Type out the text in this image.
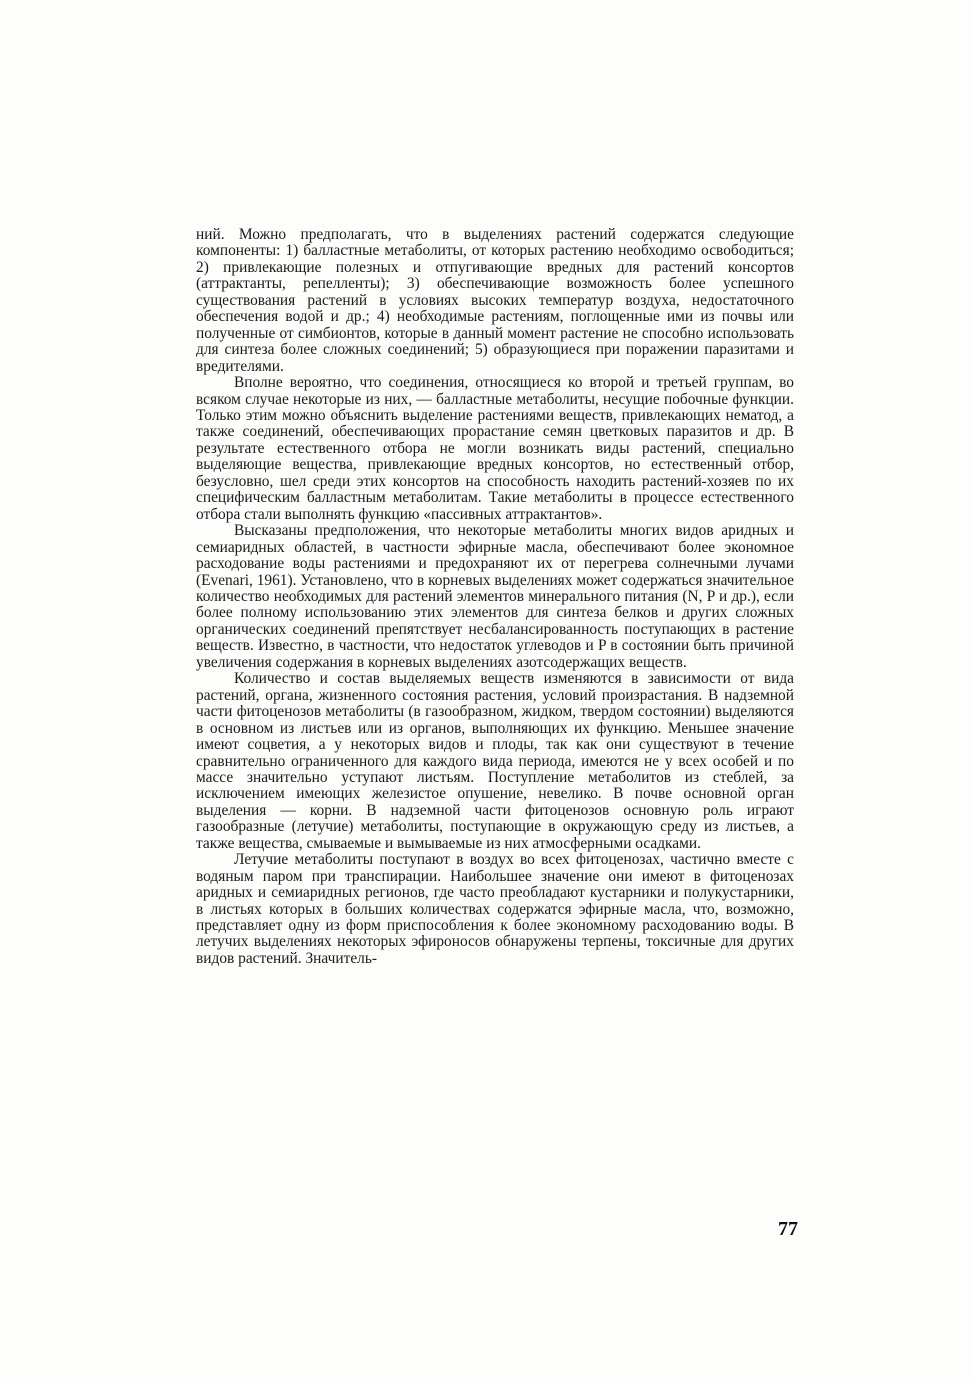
ний. Можно предполагать, что в выделениях растений содержатся следующие компоненты: 1) балластные метаболиты, от которых растению необходимо освободиться; 2) привлекающие полезных и отпугивающие вредных для растений консортов (аттрактанты, репелленты); 3) обеспечивающие возможность более успешного существования растений в условиях высоких температур воздуха, недостаточного обеспечения водой и др.; 4) необходимые растениям, поглощенные ими из почвы или полученные от симбионтов, которые в данный момент растение не способно использовать для синтеза более сложных соединений; 5) образующиеся при поражении паразитами и вредителями.

Вполне вероятно, что соединения, относящиеся ко второй и третьей группам, во всяком случае некоторые из них, — балластные метаболиты, несущие побочные функции. Только этим можно объяснить выделение растениями веществ, привлекающих нематод, а также соединений, обеспечивающих прорастание семян цветковых паразитов и др. В результате естественного отбора не могли возникать виды растений, специально выделяющие вещества, привлекающие вредных консортов, но естественный отбор, безусловно, шел среди этих консортов на способность находить растений-хозяев по их специфическим балластным метаболитам. Такие метаболиты в процессе естественного отбора стали выполнять функцию «пассивных аттрактантов».

Высказаны предположения, что некоторые метаболиты многих видов аридных и семиаридных областей, в частности эфирные масла, обеспечивают более экономное расходование воды растениями и предохраняют их от перегрева солнечными лучами (Evenari, 1961). Установлено, что в корневых выделениях может содержаться значительное количество необходимых для растений элементов минерального питания (N, P и др.), если более полному использованию этих элементов для синтеза белков и других сложных органических соединений препятствует несбалансированность поступающих в растение веществ. Известно, в частности, что недостаток углеводов и P в состоянии быть причиной увеличения содержания в корневых выделениях азотсодержащих веществ.

Количество и состав выделяемых веществ изменяются в зависимости от вида растений, органа, жизненного состояния растения, условий произрастания. В надземной части фитоценозов метаболиты (в газообразном, жидком, твердом состоянии) выделяются в основном из листьев или из органов, выполняющих их функцию. Меньшее значение имеют соцветия, а у некоторых видов и плоды, так как они существуют в течение сравнительно ограниченного для каждого вида периода, имеются не у всех особей и по массе значительно уступают листьям. Поступление метаболитов из стеблей, за исключением имеющих железистое опушение, невелико. В почве основной орган выделения — корни. В надземной части фитоценозов основную роль играют газообразные (летучие) метаболиты, поступающие в окружающую среду из листьев, а также вещества, смываемые и вымываемые из них атмосферными осадками.

Летучие метаболиты поступают в воздух во всех фитоценозах, частично вместе с водяным паром при транспирации. Наибольшее значение они имеют в фитоценозах аридных и семиаридных регионов, где часто преобладают кустарники и полукустарники, в листьях которых в больших количествах содержатся эфирные масла, что, возможно, представляет одну из форм приспособления к более экономному расходованию воды. В летучих выделениях некоторых эфироносов обнаружены терпены, токсичные для других видов растений. Значитель-

77
